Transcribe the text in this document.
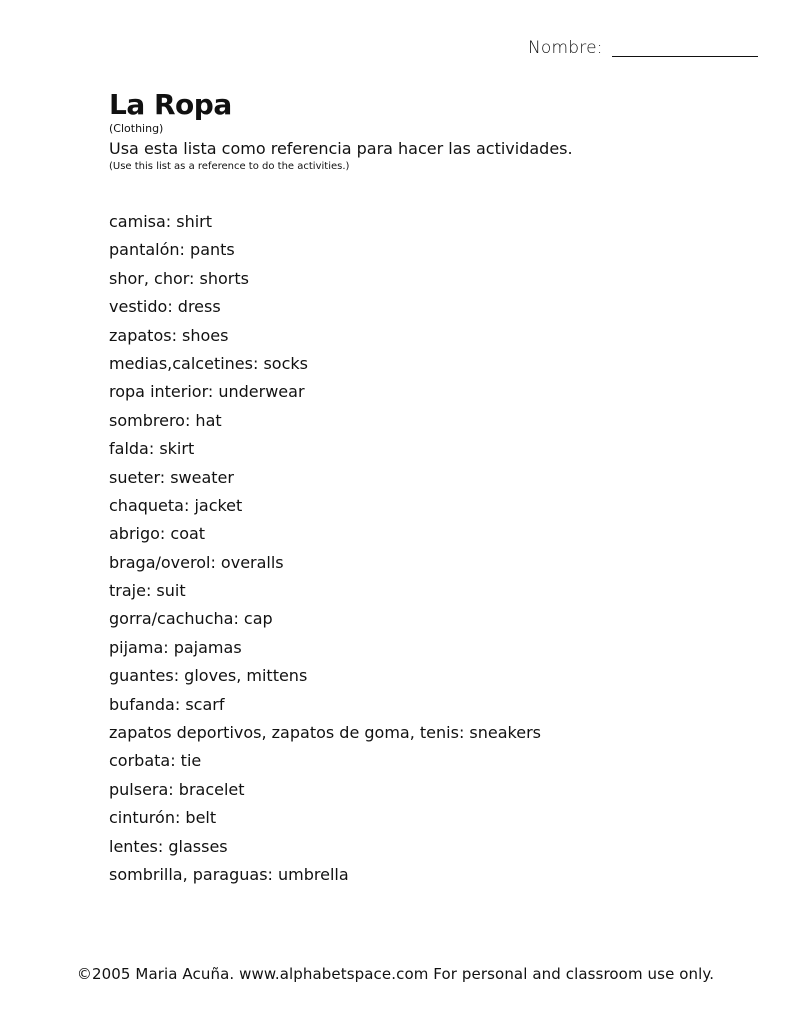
Nombre:
La Ropa
(Clothing)
Usa esta lista como referencia para hacer las actividades.
(Use this list as a reference to do the activities.)
camisa: shirt
pantalón: pants
shor, chor: shorts
vestido: dress
zapatos: shoes
medias,calcetines: socks
ropa interior: underwear
sombrero: hat
falda: skirt
sueter: sweater
chaqueta: jacket
abrigo: coat
braga/overol: overalls
traje: suit
gorra/cachucha: cap
pijama: pajamas
guantes: gloves, mittens
bufanda: scarf
zapatos deportivos, zapatos de goma, tenis: sneakers
corbata: tie
pulsera: bracelet
cinturón: belt
lentes: glasses
sombrilla, paraguas: umbrella
©2005 Maria Acuña. www.alphabetspace.com For personal and classroom use only.
